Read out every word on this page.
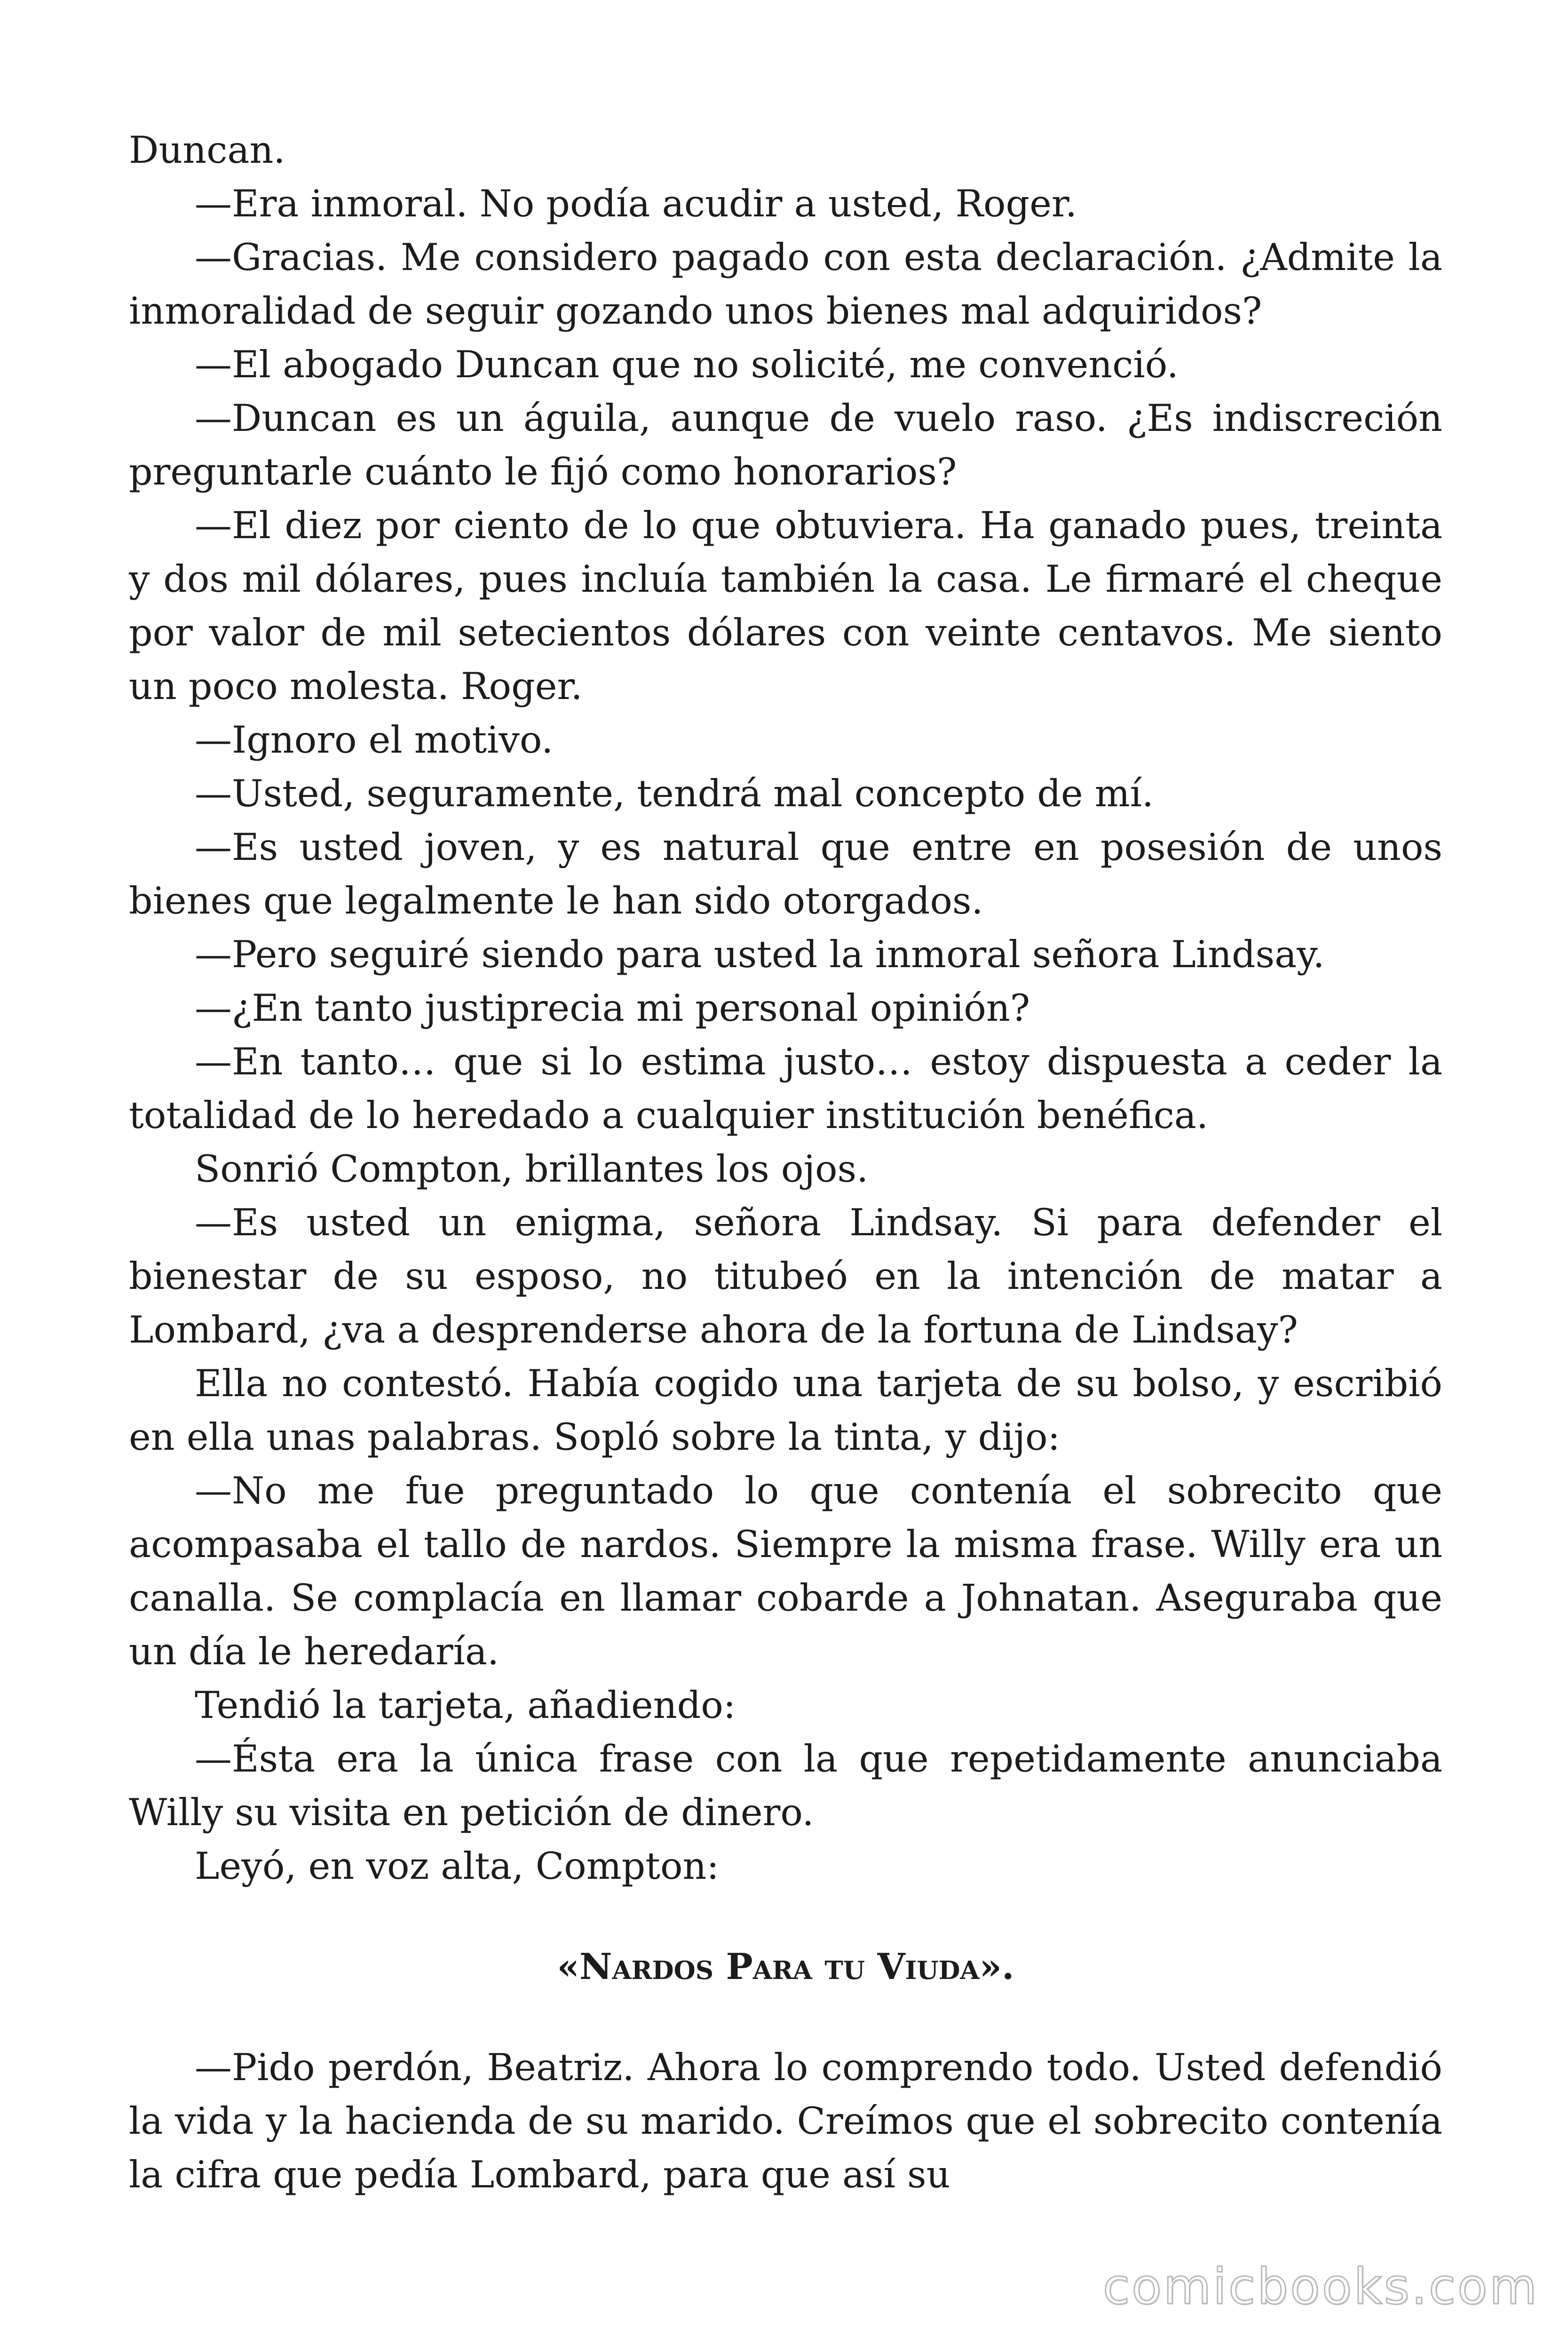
Duncan.

—Era inmoral. No podía acudir a usted, Roger.

—Gracias. Me considero pagado con esta declaración. ¿Admite la inmoralidad de seguir gozando unos bienes mal adquiridos?

—El abogado Duncan que no solicité, me convenció.

—Duncan es un águila, aunque de vuelo raso. ¿Es indiscreción preguntarle cuánto le fijó como honorarios?

—El diez por ciento de lo que obtuviera. Ha ganado pues, treinta y dos mil dólares, pues incluía también la casa. Le firmaré el cheque por valor de mil setecientos dólares con veinte centavos. Me siento un poco molesta. Roger.

—Ignoro el motivo.

—Usted, seguramente, tendrá mal concepto de mí.

—Es usted joven, y es natural que entre en posesión de unos bienes que legalmente le han sido otorgados.

—Pero seguiré siendo para usted la inmoral señora Lindsay.

—¿En tanto justiprecia mi personal opinión?

—En tanto… que si lo estima justo… estoy dispuesta a ceder la totalidad de lo heredado a cualquier institución benéfica.

Sonrió Compton, brillantes los ojos.

—Es usted un enigma, señora Lindsay. Si para defender el bienestar de su esposo, no titubeó en la intención de matar a Lombard, ¿va a desprenderse ahora de la fortuna de Lindsay?

Ella no contestó. Había cogido una tarjeta de su bolso, y escribió en ella unas palabras. Sopló sobre la tinta, y dijo:

—No me fue preguntado lo que contenía el sobrecito que acompasaba el tallo de nardos. Siempre la misma frase. Willy era un canalla. Se complacía en llamar cobarde a Johnatan. Aseguraba que un día le heredaría.

Tendió la tarjeta, añadiendo:

—Ésta era la única frase con la que repetidamente anunciaba Willy su visita en petición de dinero.

Leyó, en voz alta, Compton:

«Nardos Para tu Viuda».

—Pido perdón, Beatriz. Ahora lo comprendo todo. Usted defendió la vida y la hacienda de su marido. Creímos que el sobrecito contenía la cifra que pedía Lombard, para que así su

comicbooks.com
